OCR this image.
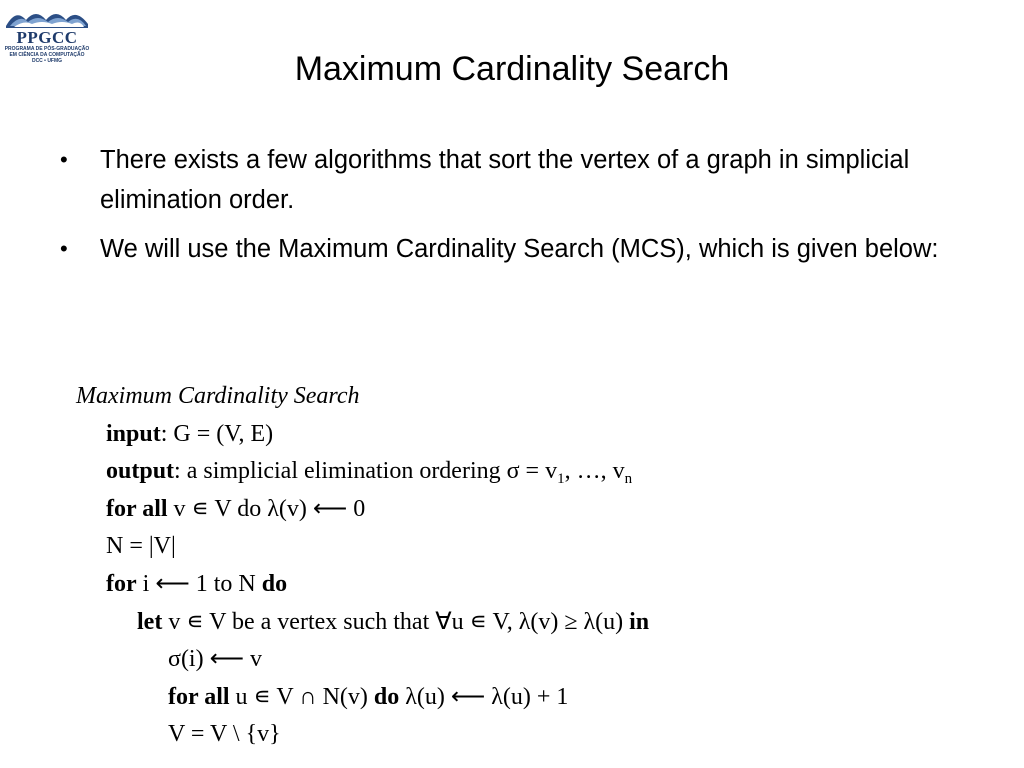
PPGCC
PROGRAMA DE PÓS-GRADUAÇÃO
EM CIÊNCIA DA COMPUTAÇÃO
DCC • UFMG	Maximum Cardinality Search
• There exists a few algorithms that sort the vertex of a graph in simplicial elimination order.
• We will use the Maximum Cardinality Search (MCS), which is given below:
Maximum Cardinality Search
input: G = (V, E)
output: a simplicial elimination ordering $\sigma = v_1$, …, $v_n$
for all v ∊ V do λ(v) ⟵ 0
N = |V|
for i ⟵ 1 to N do
let v ∊ V be a vertex such that ∀u ∊ V, λ(v) ≥ λ(u) in
σ(i) ⟵ v
for all u ∊ V ∩ N(v) do λ(u) ⟵ λ(u) + 1
V = V \ {v}
